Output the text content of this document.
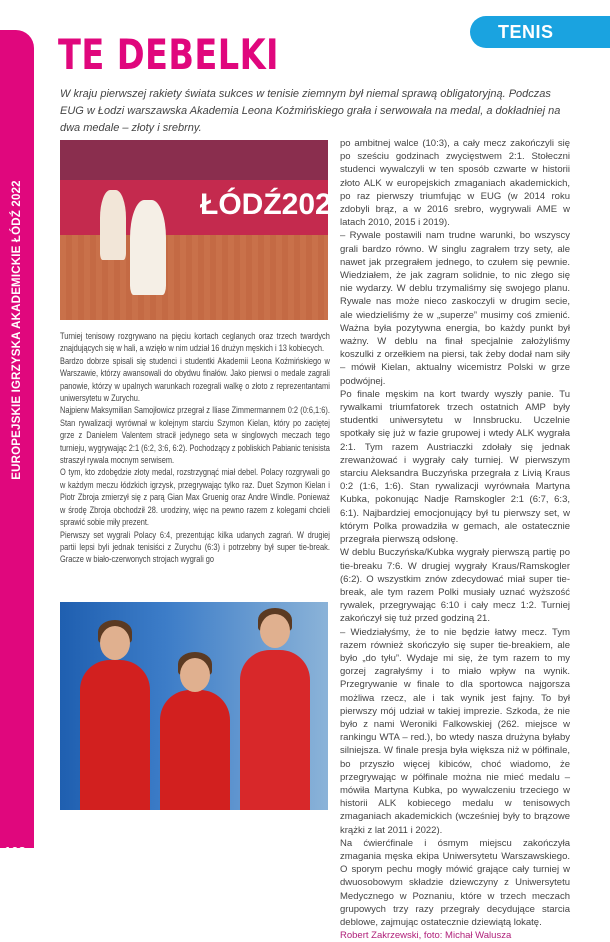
EUROPEJSKIE IGRZYSKA AKADEMICKIE ŁÓDŹ 2022
108
TENIS
TE DEBELKI
W kraju pierwszej rakiety świata sukces w tenisie ziemnym był niemal sprawą obligatoryjną. Podczas EUG w Łodzi warszawska Akademia Leona Koźmińskiego grała i serwowała na medal, a dokładniej na dwa medale – złoty i srebrny.
ŁÓDŹ2022

Turniej tenisowy rozgrywano na pięciu kortach ceglanych oraz trzech twardych znajdujących się w hali, a wzięło w nim udział 16 drużyn męskich i 13 kobiecych.

Bardzo dobrze spisali się studenci i studentki Akademii Leona Koźmińskiego w Warszawie, którzy awansowali do obydwu finałów. Jako pierwsi o medale zagrali panowie, którzy w upalnych warunkach rozegrali walkę o złoto z reprezentantami uniwersytetu w Zurychu.

Najpierw Maksymilian Samojłowicz przegrał z Iliase Zimmermannem 0:2 (0:6,1:6). Stan rywalizacji wyrównał w kolejnym starciu Szymon Kielan, który po zaciętej grze z Danielem Valentem stracił jedynego seta w singlowych meczach tego turnieju, wygrywając 2:1 (6:2, 3:6, 6:2). Pochodzący z pobliskich Pabianic tenisista straszył rywala mocnym serwisem.

O tym, kto zdobędzie złoty medal, rozstrzygnąć miał debel. Polacy rozgrywali go w każdym meczu łódzkich igrzysk, przegrywając tylko raz. Duet Szymon Kielan i Piotr Zbroja zmierzył się z parą Gian Max Gruenig oraz Andre Windle. Ponieważ w środę Zbroja obchodził 28. urodziny, więc na pewno razem z kolegami chcieli sprawić sobie miły prezent.

Pierwszy set wygrali Polacy 6:4, prezentując kilka udanych zagrań. W drugiej partii lepsi byli jednak tenisiści z Zurychu (6:3) i potrzebny był super tie-break. Gracze w biało-czerwonych strojach wygrali go

po ambitnej walce (10:3), a cały mecz zakończyli się po sześciu godzinach zwycięstwem 2:1. Stołeczni studenci wywalczyli w ten sposób czwarte w historii złoto ALK w europejskich zmaganiach akademickich, po raz pierwszy triumfując w EUG (w 2014 roku zdobyli brąz, a w 2016 srebro, wygrywali AME w latach 2010, 2015 i 2019).

– Rywale postawili nam trudne warunki, bo wszyscy grali bardzo równo. W singlu zagrałem trzy sety, ale nawet jak przegrałem jednego, to czułem się pewnie. Wiedziałem, że jak zagram solidnie, to nic złego się nie wydarzy. W deblu trzymaliśmy się swojego planu. Rywale nas może nieco zaskoczyli w drugim secie, ale wiedzieliśmy że w „superze” musimy coś zmienić. Ważna była pozytywna energia, bo każdy punkt był ważny. W deblu na finał specjalnie założyliśmy koszulki z orzełkiem na piersi, tak żeby dodał nam siły – mówił Kielan, aktualny wicemistrz Polski w grze podwójnej.

Po finale męskim na kort twardy wyszły panie. Tu rywalkami triumfatorek trzech ostatnich AMP były studentki uniwersytetu w Innsbrucku. Uczelnie spotkały się już w fazie grupowej i wtedy ALK wygrała 2:1. Tym razem Austriaczki zdołały się jednak zrewanżować i wygrały cały turniej. W pierwszym starciu Aleksandra Buczyńska przegrała z Livią Kraus 0:2 (1:6, 1:6). Stan rywalizacji wyrównała Martyna Kubka, pokonując Nadje Ramskogler 2:1 (6:7, 6:3, 6:1). Najbardziej emocjonujący był tu pierwszy set, w którym Polka prowadziła w gemach, ale ostatecznie przegrała pierwszą odsłonę.

W deblu Buczyńska/Kubka wygrały pierwszą partię po tie-breaku 7:6. W drugiej wygrały Kraus/Ramskogler (6:2). O wszystkim znów zdecydować miał super tie-break, ale tym razem Polki musiały uznać wyższość rywalek, przegrywając 6:10 i cały mecz 1:2. Turniej zakończył się tuż przed godziną 21.

– Wiedziałyśmy, że to nie będzie łatwy mecz. Tym razem również skończyło się super tie-breakiem, ale było „do tyłu”. Wydaje mi się, że tym razem to my gorzej zagrałyśmy i to miało wpływ na wynik. Przegrywanie w finale to dla sportowca najgorsza możliwa rzecz, ale i tak wynik jest fajny. To był pierwszy mój udział w takiej imprezie. Szkoda, że nie było z nami Weroniki Falkowskiej (262. miejsce w rankingu WTA – red.), bo wtedy nasza drużyna byłaby silniejsza. W finale presja była większa niż w półfinale, bo przyszło więcej kibiców, choć wiadomo, że przegrywając w półfinale można nie mieć medalu – mówiła Martyna Kubka, po wywalczeniu trzeciego w historii ALK kobiecego medalu w tenisowych zmaganiach akademickich (wcześniej były to brązowe krążki z lat 2011 i 2022).

Na ćwierćfinale i ósmym miejscu zakończyła zmagania męska ekipa Uniwersytetu Warszawskiego. O sporym pechu mogły mówić grające cały turniej w dwuosobowym składzie dziewczyny z Uniwersytetu Medycznego w Poznaniu, które w trzech meczach grupowych trzy razy przegrały decydujące starcia deblowe, zajmując ostatecznie dziewiątą lokatę.

Robert Zakrzewski, foto: Michał Walusza
